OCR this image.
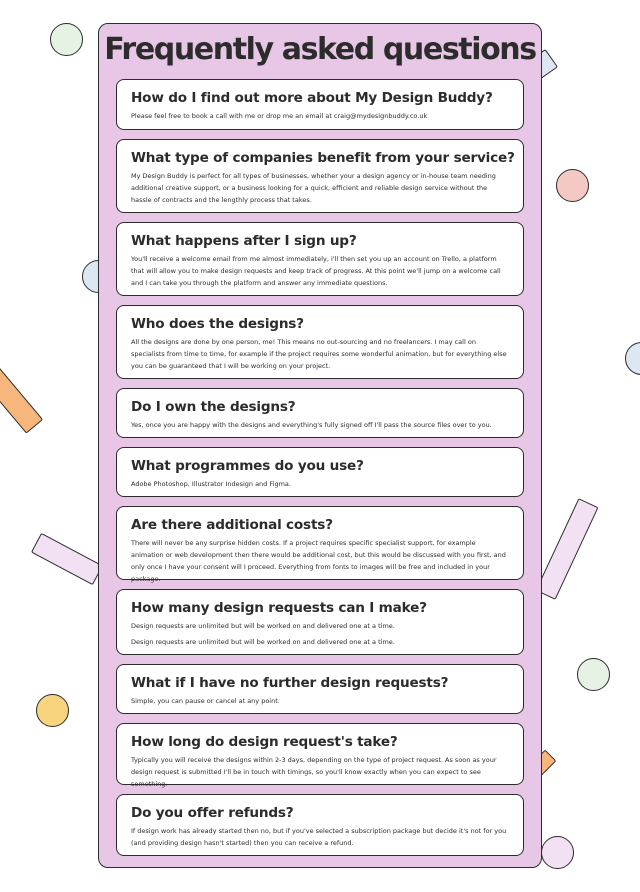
Frequently asked questions

How do I find out more about My Design Buddy?

Please feel free to book a call with me or drop me an email at craig@mydesignbuddy.co.uk

What type of companies benefit from your service?

My Design Buddy is perfect for all types of businesses, whether your a design agency or in-house team needing additional creative support, or a business looking for a quick, efficient and reliable design service without the hassle of contracts and the lengthly process that takes.

What happens after I sign up?

You'll receive a welcome email from me almost immediately, i'll then set you up an account on Trello, a platform that will allow you to make design requests and keep track of progress. At this point we'll jump on a welcome call and I can take you through the platform and answer any immediate questions.

Who does the designs?

All the designs are done by one person, me! This means no out-sourcing and no freelancers. I may call on specialists from time to time, for example if the project requires some wonderful animation, but for everything else you can be guaranteed that I will be working on your project.

Do I own the designs?

Yes, once you are happy with the designs and everything's fully signed off I'll pass the source files over to you.

What programmes do you use?

Adobe Photoshop, Illustrator Indesign and Figma.

Are there additional costs?

There will never be any surprise hidden costs. If a project requires specific specialist support, for example animation or web development then there would be additional cost, but this would be discussed with you first, and only once I have your consent will I proceed. Everything from fonts to images will be free and included in your package.

How many design requests can I make?

Design requests are unlimited but will be worked on and delivered one at a time.

Design requests are unlimited but will be worked on and delivered one at a time.

What if I have no further design requests?

Simple, you can pause or cancel at any point.

How long do design request's take?

Typically you will receive the designs within 2-3 days, depending on the type of project request. As soon as your design request is submitted I'll be in touch with timings, so you'll know exactly when you can expect to see something.

Do you offer refunds?

If design work has already started then no, but if you've selected a subscription package but decide it's not for you (and providing design hasn't started) then you can receive a refund.
